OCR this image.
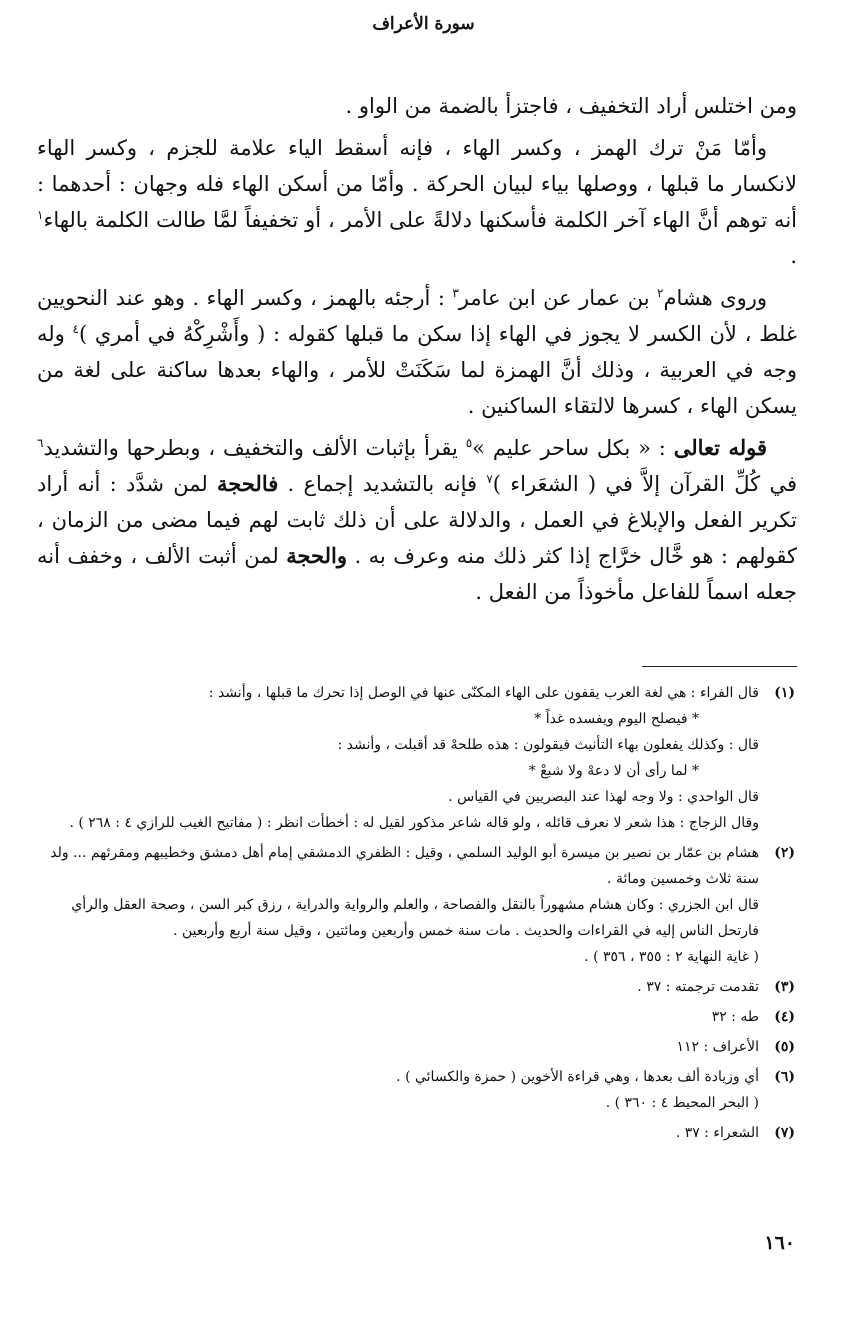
سورة الأعراف

ومن اختلس أراد التخفيف ، فاجتزأ بالضمة من الواو .

وأمّا مَنْ ترك الهمز ، وكسر الهاء ، فإنه أسقط الياء علامة للجزم ، وكسر الهاء لانكسار ما قبلها ، ووصلها بياء لبيان الحركة . وأمّا من أسكن الهاء فله وجهان : أحدهما : أنه توهم أنَّ الهاء آخر الكلمة فأسكنها دلالةً على الأمر ، أو تخفيفاً لمَّا طالت الكلمة بالهاء$^١$ .

وروى هشام$^٢$ بن عمار عن ابن عامر$^٣$ : أرجئه بالهمز ، وكسر الهاء . وهو عند النحويين غلط ، لأن الكسر لا يجوز في الهاء إذا سكن ما قبلها كقوله : ( وأَشْرِكْهُ في أمري )$^٤$ وله وجه في العربية ، وذلك أنَّ الهمزة لما سَكَنَتْ للأمر ، والهاء بعدها ساكنة على لغة من يسكن الهاء ، كسرها لالتقاء الساكنين .

قوله تعالى : « بكل ساحر عليم »$^٥$ يقرأ بإثبات الألف والتخفيف ، وبطرحها والتشديد$^٦$ في كُلِّ القرآن إلاَّ في ( الشعَراء )$^٧$ فإنه بالتشديد إجماع . فالحجة لمن شدَّد : أنه أراد تكرير الفعل والإبلاغ في العمل ، والدلالة على أن ذلك ثابت لهم فيما مضى من الزمان ، كقولهم : هو خَّال خرَّاج إذا كثر ذلك منه وعرف به . والحجة لمن أثبت الألف ، وخفف أنه جعله اسماً للفاعل مأخوذاً من الفعل .

(١)
قال الفراء : هي لغة العرب يقفون على الهاء المكنّى عنها في الوصل إذا تحرك ما قبلها ، وأنشد :
* فيصلح اليوم ويفسده غداً *
قال : وكذلك يفعلون بهاء التأنيث فيقولون : هذه طلحهْ قد أقبلت ، وأنشد :
* لما رأى أن لا دعهْ ولا شبعْ *
قال الواحدي : ولا وجه لهذا عند البصريين في القياس .
وقال الزجاج : هذا شعر لا نعرف قائله ، ولو قاله شاعر مذكور لقيل له : أخطأت انظر : ( مفاتيح الغيب للرازي ٤ : ٢٦٨ ) .
(٢)
هشام بن عمّار بن نصير بن ميسرة أبو الوليد السلمي ، وقيل : الظفري الدمشقي إمام أهل دمشق وخطيبهم ومقرئهم ... ولد سنة ثلاث وخمسين ومائة .
قال ابن الجزري : وكان هشام مشهوراً بالنقل والفصاحة ، والعلم والرواية والدراية ، رزق كبر السن ، وصحة العقل والرأي فارتحل الناس إليه في القراءات والحديث . مات سنة خمس وأربعين ومائتين ، وقيل سنة أربع وأربعين .
( غاية النهاية ٢ : ٣٥٥ ، ٣٥٦ ) .
(٣)
تقدمت ترجمته : ٣٧ .
(٤)
طه : ٣٢
(٥)
الأعراف : ١١٢
(٦)
أي وزيادة ألف بعدها ، وهي قراءة الأخوين ( حمزة والكسائي ) .
( البحر المحيط ٤ : ٣٦٠ ) .
(٧)
الشعراء : ٣٧ .
١٦٠
